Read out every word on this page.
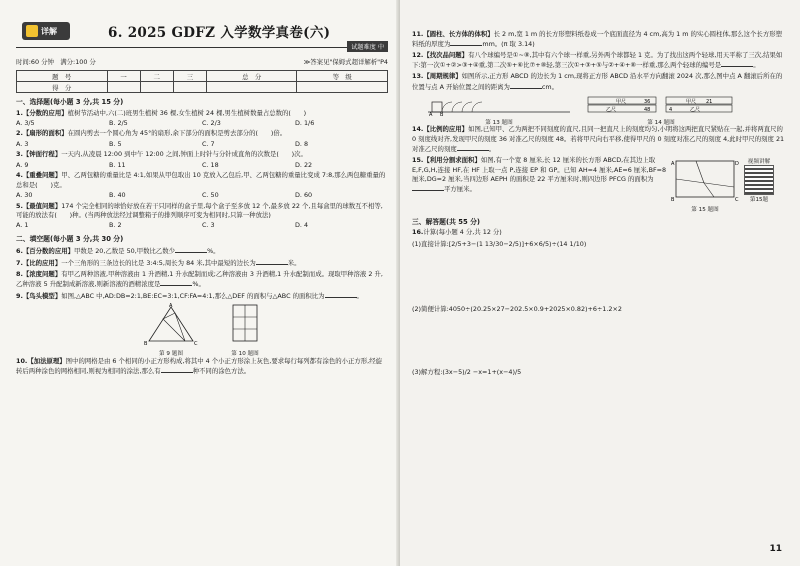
详解	6. 2025 GDFZ 入学数学真卷(六)
试题难度 中
时间:60 分钟　满分:100 分	≫答案见"保姆式超详解析"P4
题　号	一	二	三	总　分	等　级
得　分					
一、选择题(每小题 3 分,共 15 分)
1.【分数的应用】植树节活动中,六(二)班男生植树 36 棵,女生植树 24 棵,男生植树数量占总数的(　　)
A. 3/5	B. 2/5	C. 2/3	D. 1/6
2.【扇形的面积】在圆内剪去一个圆心角为 45°的扇形,余下部分的面积是剪去部分的(　　)倍。
A. 3	B. 5	C. 7	D. 8
3.【钟面行程】一天内,从凌晨 12:00 到中午 12:00 之间,钟面上时针与分针成直角的次数是(　　)次。
A. 9	B. 11	C. 18	D. 22
4.【重叠问题】甲、乙两包糖的重量比是 4:1,如果从甲包取出 10 克放入乙包后,甲、乙两包糖的重量比变成 7:8,那么两包糖重量的总和是(　　)克。
A. 30	B. 40	C. 50	D. 60
5.【最值问题】174 个完全相同的球恰好放在若干只同样的盒子里,每个盒子至多放 12 个,最多放 22 个,且每盒里的球数互不相等,可能的放法有(　　)种。(当两种放法经过调整箱子的排列顺序可变为相同时,只算一种放法)
A. 1	B. 2	C. 3	D. 4
二、填空题(每小题 3 分,共 30 分)
6.【百分数的应用】甲数是 20,乙数是 50,甲数比乙数少	%。
7.【比的应用】一个三角形的三条边长的比是 3:4:5,周长为 84 米,其中最短的边长为	米。
8.【浓度问题】有甲乙两种溶液,甲种溶液由 1 升酒精,1 升水配制而成;乙种溶液由 3 升酒精,1 升水配制而成。现取甲种溶液 2 升,乙种溶液 5 升配制成新溶液,则新溶液的酒精浓度是	%。
9.【鸟头模型】如图,△ABC 中,AD:DB=2:1,BE:EC=3:1,CF:FA=4:1,那么△DEF 的面积与△ABC 的面积比为	。
A
B	C
第 9 题图	第 10 题图
10.【加法原理】图中的网格是由 6 个相同的小正方形构成,将其中 4 个小正方形涂上灰色,要求每行每列都有涂色的小正方形,经旋转后两种涂色的网格相同,则视为相同的涂法,那么有	种不同的涂色方法。
11.【圆柱、长方体的体积】长 2 m,宽 1 m 的长方形塑料纸卷成一个底面直径为 4 cm,高为 1 m 的实心圆柱体,那么这个长方形塑料纸的厚度为	mm。(π 取 3.14)
12.【找次品问题】有八个球编号是①~⑧,其中有六个球一样重,另外两个球都轻 1 克。为了找出这两个轻球,用天平称了三次,结果如下:第一次①+②>③+④重,第二次⑤+⑥比⑦+⑧轻,第三次①+③+⑤与②+④+⑧一样重,那么两个轻球的编号是	。
13.【周期规律】如图所示,正方形 ABCD 的边长为 1 cm,现将正方形 ABCD 沿水平方向翻滚 2024 次,那么图中点 A 翻滚后所在的位置与点 A 开始位置之间的距离为	cm。
A B
第 13 题图
甲尺
乙尺
36
48
甲尺 21
4	乙尺
第 14 题图
14.【比例的应用】如图,已知甲、乙为两把不同刻度的直尺,且同一把直尺上的刻度均匀,小明将这两把直尺紧贴在一起,并将两直尺的 0 刻度线对齐,发现甲尺的刻度 36 对准乙尺的刻度 48。若将甲尺向右平移,使得甲尺的 0 刻度对准乙尺的刻度 4,此时甲尺的刻度 21 对准乙尺的刻度	。
15.【利用分割求面积】如图,有一个宽 8 厘米,长 12 厘米的长方形 ABCD,在其边上取 E,F,G,H,连接 HF,在 HF 上取一点 P,连接 EP 和 GP。已知 AH=4 厘米,AE=6 厘米,BF=8 厘米,DG=2 厘米,当四边形 AEPH 的面积是 22 平方厘米时,则四边形 PFCG 的面积为平方厘米。
A	D
B	C
第 15 题图
视频讲解
第15题
三、解答题(共 55 分)
16.计算(每小题 4 分,共 12 分)
(1)直接计算:[2/5+3−(1 13/30−2/5)]+6×6/5)÷(14 1/10)
(2)简便计算:4050÷(20.25×27−202.5×0.9+2025×0.82)+6÷1.2×2
(3)解方程:(3x−5)/2 −x=1+(x−4)/5
11
